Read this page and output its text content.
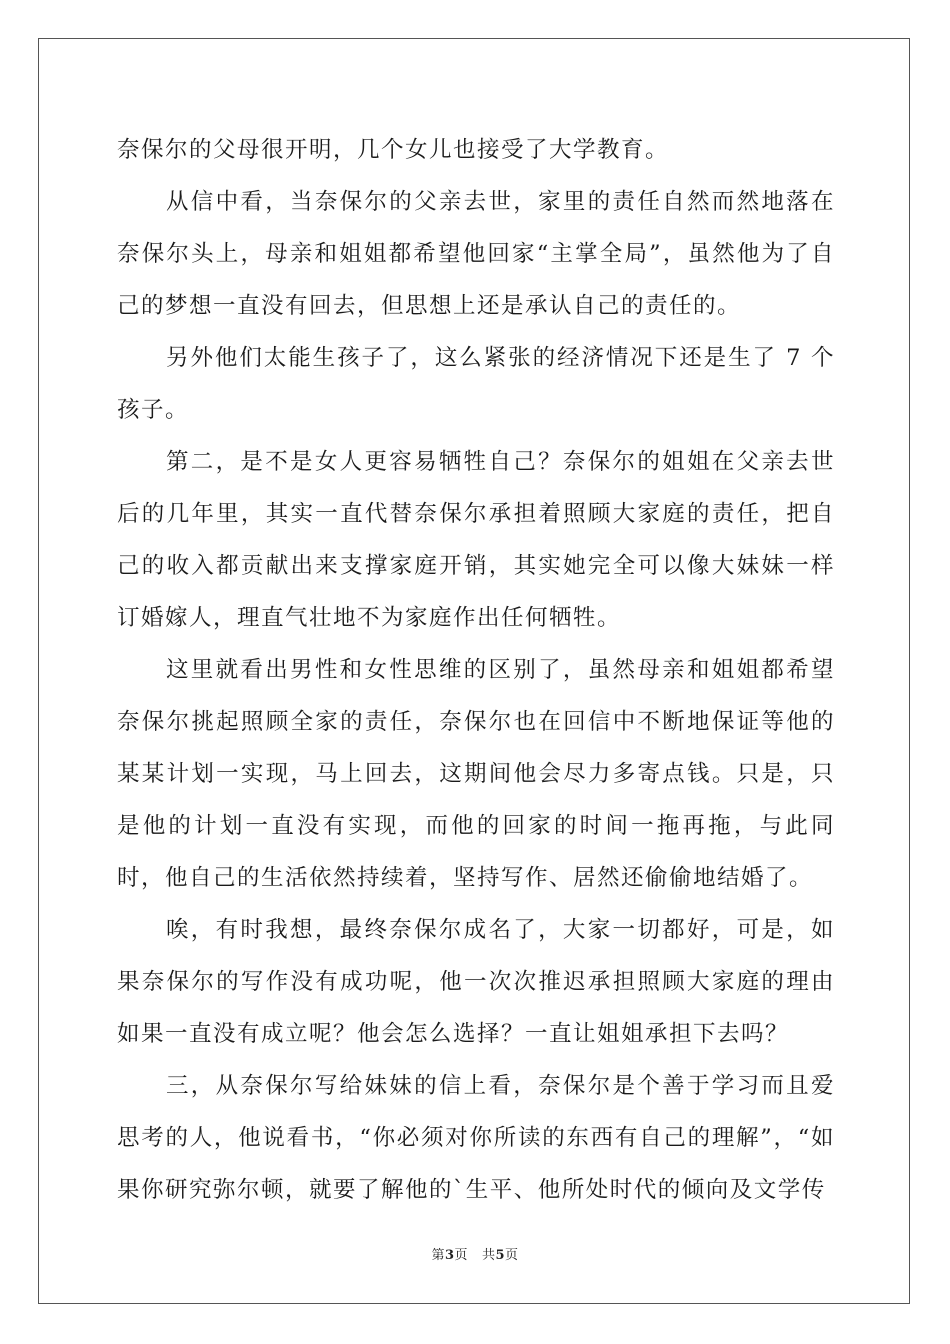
奈保尔的父母很开明，几个女儿也接受了大学教育。

从信中看，当奈保尔的父亲去世，家里的责任自然而然地落在奈保尔头上，母亲和姐姐都希望他回家“主掌全局”，虽然他为了自己的梦想一直没有回去，但思想上还是承认自己的责任的。

另外他们太能生孩子了，这么紧张的经济情况下还是生了 7 个孩子。

第二，是不是女人更容易牺牲自己？奈保尔的姐姐在父亲去世后的几年里，其实一直代替奈保尔承担着照顾大家庭的责任，把自己的收入都贡献出来支撑家庭开销，其实她完全可以像大妹妹一样订婚嫁人，理直气壮地不为家庭作出任何牺牲。

这里就看出男性和女性思维的区别了，虽然母亲和姐姐都希望奈保尔挑起照顾全家的责任，奈保尔也在回信中不断地保证等他的某某计划一实现，马上回去，这期间他会尽力多寄点钱。只是，只是他的计划一直没有实现，而他的回家的时间一拖再拖，与此同时，他自己的生活依然持续着，坚持写作、居然还偷偷地结婚了。

唉，有时我想，最终奈保尔成名了，大家一切都好，可是，如果奈保尔的写作没有成功呢，他一次次推迟承担照顾大家庭的理由如果一直没有成立呢？他会怎么选择？一直让姐姐承担下去吗？

三，从奈保尔写给妹妹的信上看，奈保尔是个善于学习而且爱思考的人，他说看书，“你必须对你所读的东西有自己的理解”，“如果你研究弥尔顿，就要了解他的`生平、他所处时代的倾向及文学传

第3页 共5页
